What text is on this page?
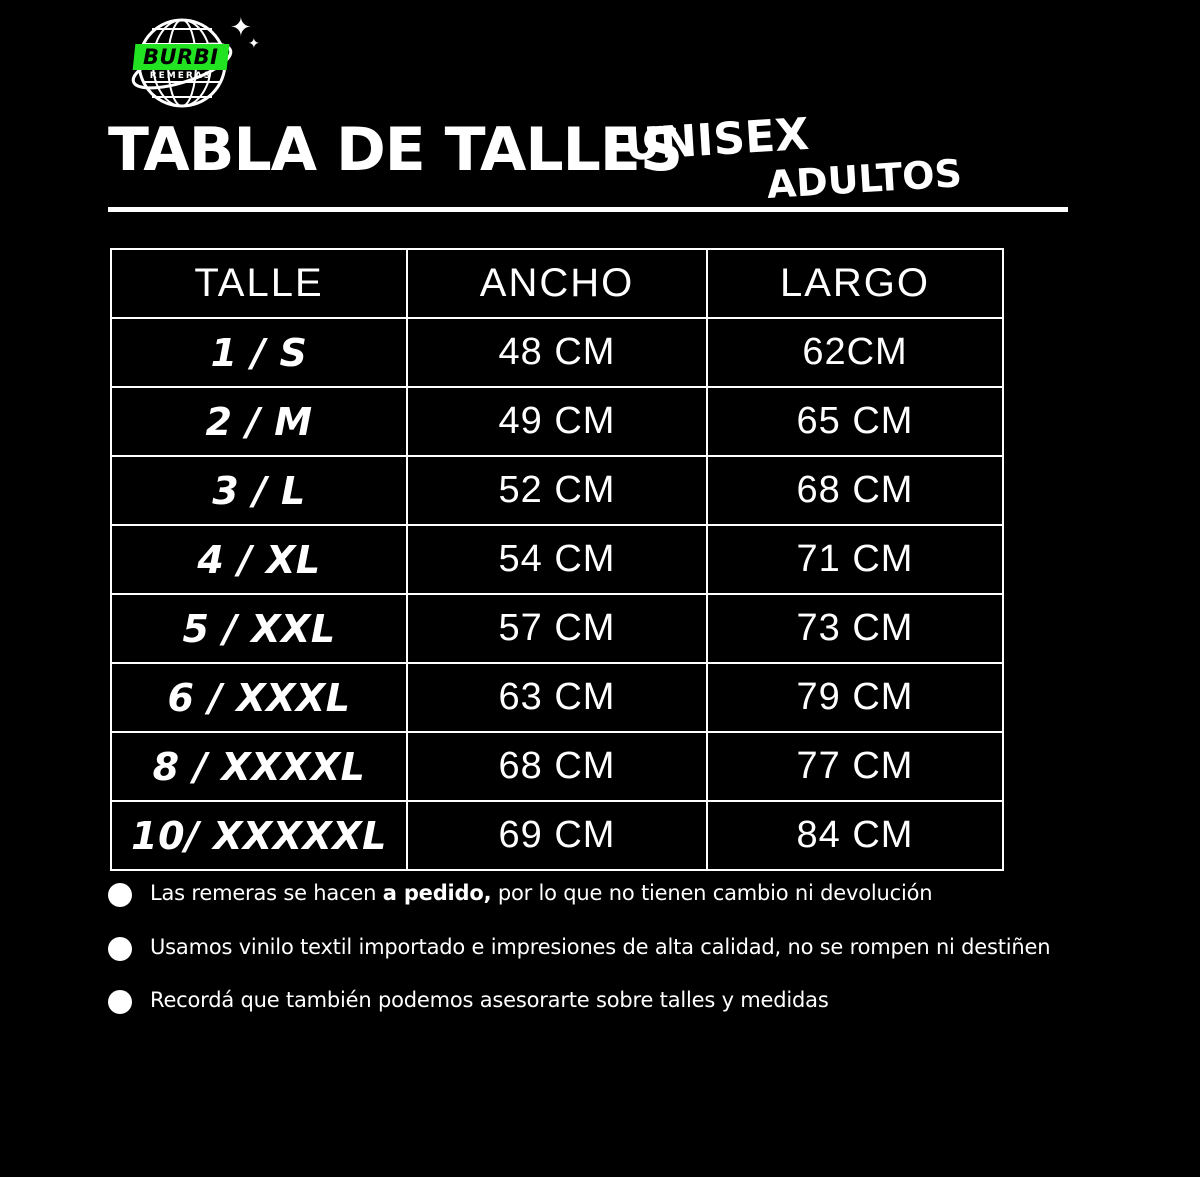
BURBI
REMERAS
✦
✦
TABLA DE TALLES
UNISEX
ADULTOS
TALLE	ANCHO	LARGO
1 / S	48 CM	62CM
2 / M	49 CM	65 CM
3 / L	52 CM	68 CM
4 / XL	54 CM	71 CM
5 / XXL	57 CM	73 CM
6 / XXXL	63 CM	79 CM
8 / XXXXL	68 CM	77 CM
10/ XXXXXL	69 CM	84 CM
Las remeras se hacen a pedido, por lo que no tienen cambio ni devolución
Usamos vinilo textil importado e impresiones de alta calidad, no se rompen ni destiñen
Recordá que también podemos asesorarte sobre talles y medidas
